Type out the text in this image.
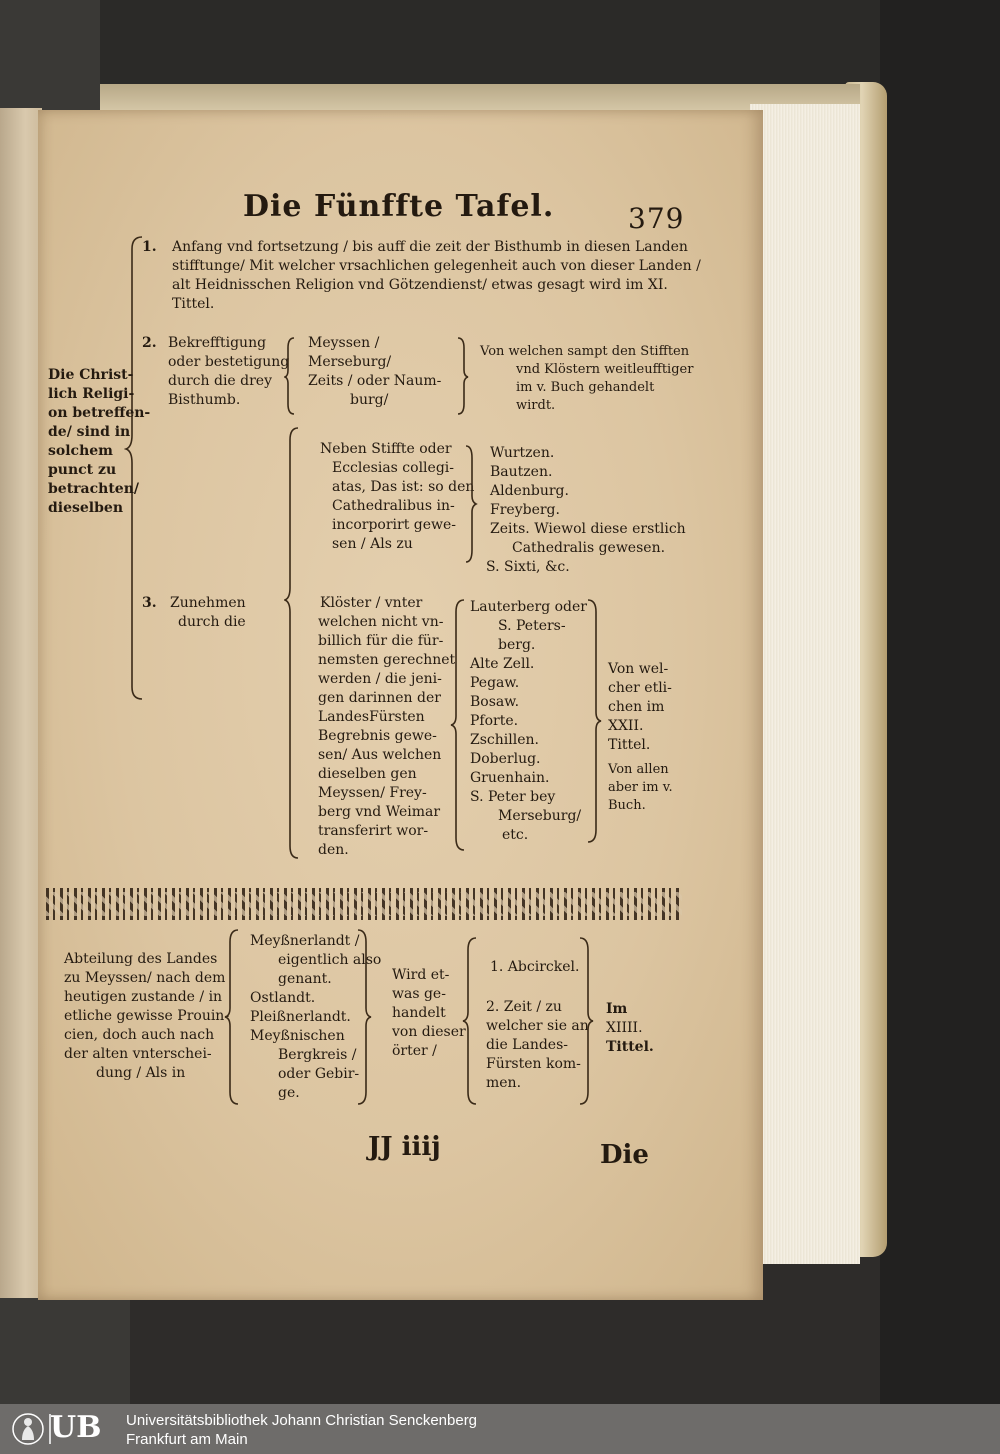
Die Fünffte Tafel.	379
Die Christ-
lich Religi-
on betreffen-
de/ sind in
solchem
punct zu
betrachten/
dieselben
1. Anfang vnd fortsetzung / bis auff die zeit der Bisthumb in diesen Landen
stifftunge/ Mit welcher vrsachlichen gelegenheit auch von dieser Landen /
alt Heidnisschen Religion vnd Götzendienst/ etwas gesagt wird im XI.
Tittel.
2. Bekrefftigung
oder bestetigung
durch die drey
Bisthumb.
Meyssen /
Merseburg/
Zeits / oder Naum-
burg/
Von welchen sampt den Stifften
vnd Klöstern weitleufftiger
im v. Buch gehandelt
wirdt.
3. Zunehmen
durch die
Neben Stiffte oder
Ecclesias collegi-
atas, Das ist: so den
Cathedralibus in-
incorporirt gewe-
sen / Als zu
Wurtzen.
Bautzen.
Aldenburg.
Freyberg.
Zeits. Wiewol diese erstlich
Cathedralis gewesen.
S. Sixti, &c.
Klöster / vnter
welchen nicht vn-
billich für die für-
nemsten gerechnet
werden / die jeni-
gen darinnen der
LandesFürsten
Begrebnis gewe-
sen/ Aus welchen
dieselben gen
Meyssen/ Frey-
berg vnd Weimar
transferirt wor-
den.
Lauterberg oder
S. Peters-
berg.
Alte Zell.
Pegaw.
Bosaw.
Pforte.
Zschillen.
Doberlug.
Gruenhain.
S. Peter bey
Merseburg/
etc.
Von wel-
cher etli-
chen im
XXII.
Tittel.
Von allen
aber im v.
Buch.
Abteilung des Landes
zu Meyssen/ nach dem
heutigen zustande / in
etliche gewisse Prouin-
cien, doch auch nach
der alten vnterschei-
dung / Als in
Meyßnerlandt /
eigentlich also
genant.
Ostlandt.
Pleißnerlandt.
Meyßnischen
Bergkreis /
oder Gebir-
ge.
Wird et-
was ge-
handelt
von dieser
örter /
1. Abcirckel.
2. Zeit / zu
welcher sie an
die Landes-
Fürsten kom-
men.
Im
XIIII.
Tittel.
JJ iiij	Die
UB Universitätsbibliothek Johann Christian Senckenberg
Frankfurt am Main
